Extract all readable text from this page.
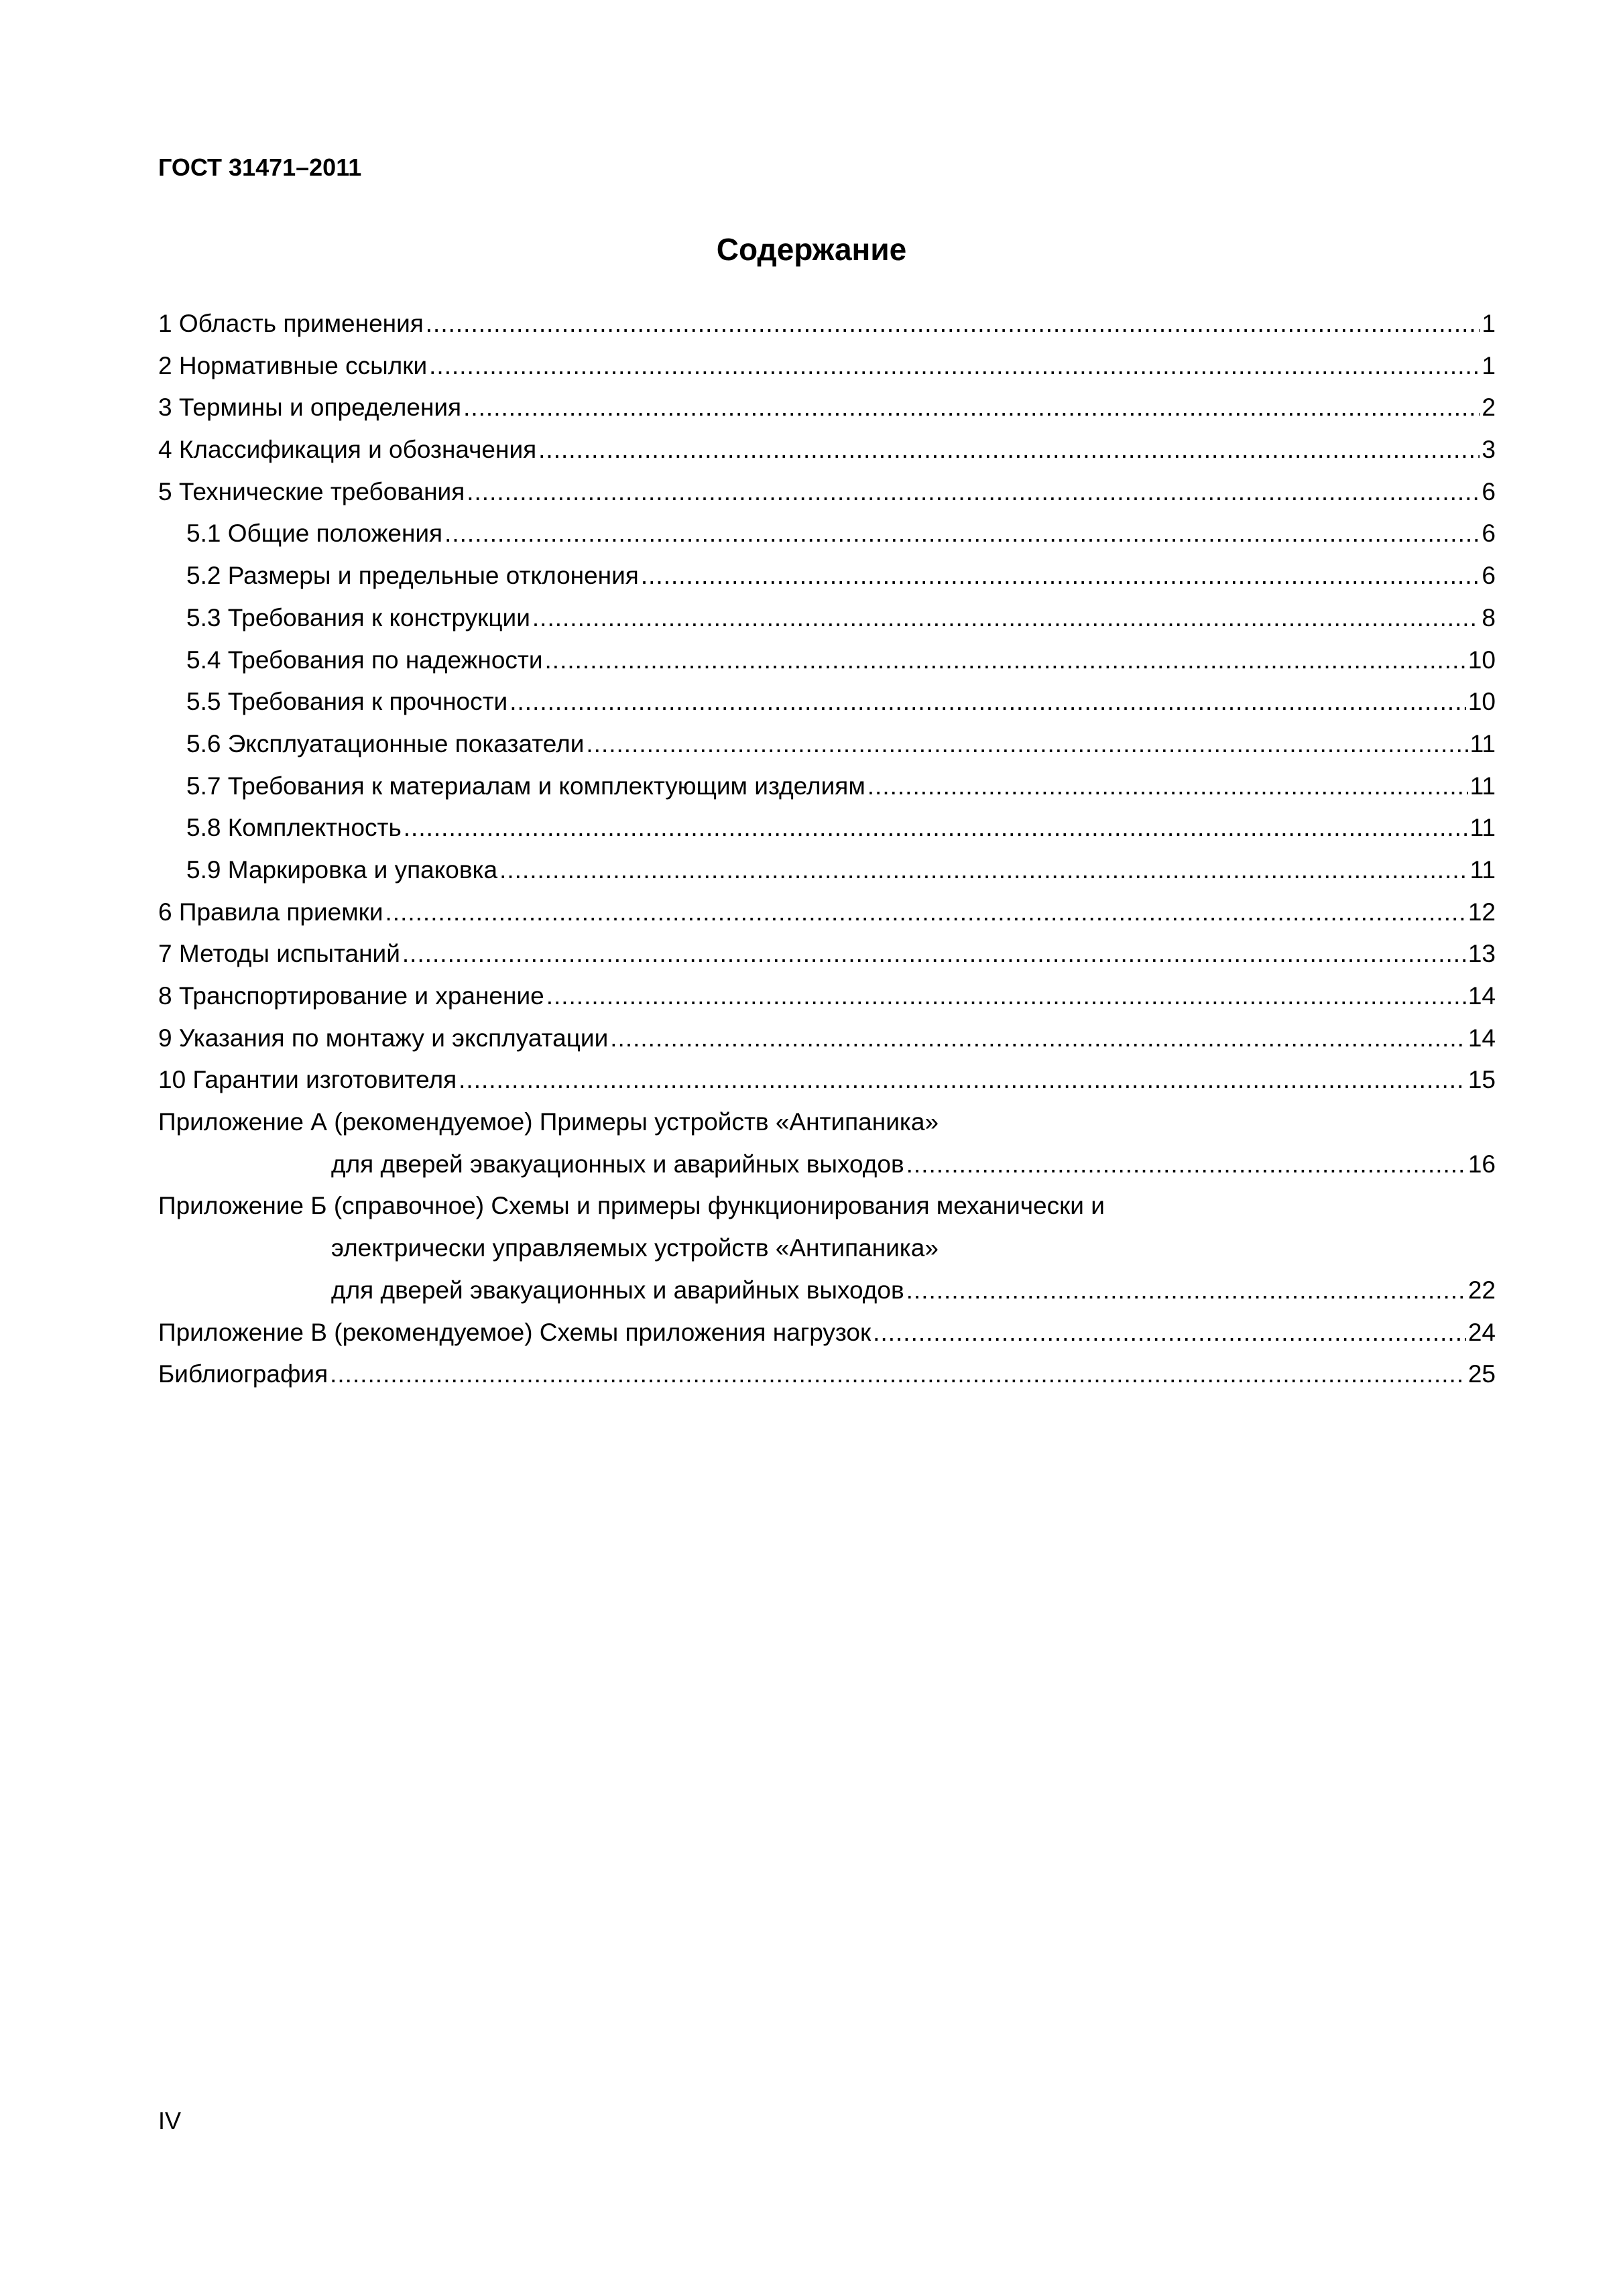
ГОСТ 31471–2011
Содержание
1 Область применения .....	1
2 Нормативные ссылки .....	1
3 Термины и определения .....	2
4 Классификация и обозначения .....	3
5 Технические требования .....	6
5.1 Общие положения .....	6
5.2 Размеры и предельные отклонения .....	6
5.3 Требования к конструкции .....	8
5.4 Требования по надежности .....	10
5.5 Требования к прочности .....	10
5.6 Эксплуатационные показатели .....	11
5.7 Требования к материалам и комплектующим изделиям .....	11
5.8 Комплектность .....	11
5.9 Маркировка и упаковка .....	11
6 Правила приемки .....	12
7 Методы испытаний .....	13
8 Транспортирование и хранение .....	14
9 Указания по монтажу и эксплуатации .....	14
10 Гарантии изготовителя .....	15
Приложение А (рекомендуемое) Примеры устройств «Антипаника»
для дверей эвакуационных и аварийных выходов .....	16
Приложение Б (справочное) Схемы и примеры функционирования механически и
электрически управляемых устройств «Антипаника»
для дверей эвакуационных и аварийных выходов .....	22
Приложение В (рекомендуемое) Схемы приложения нагрузок .....	24
Библиография .....	25
IV
